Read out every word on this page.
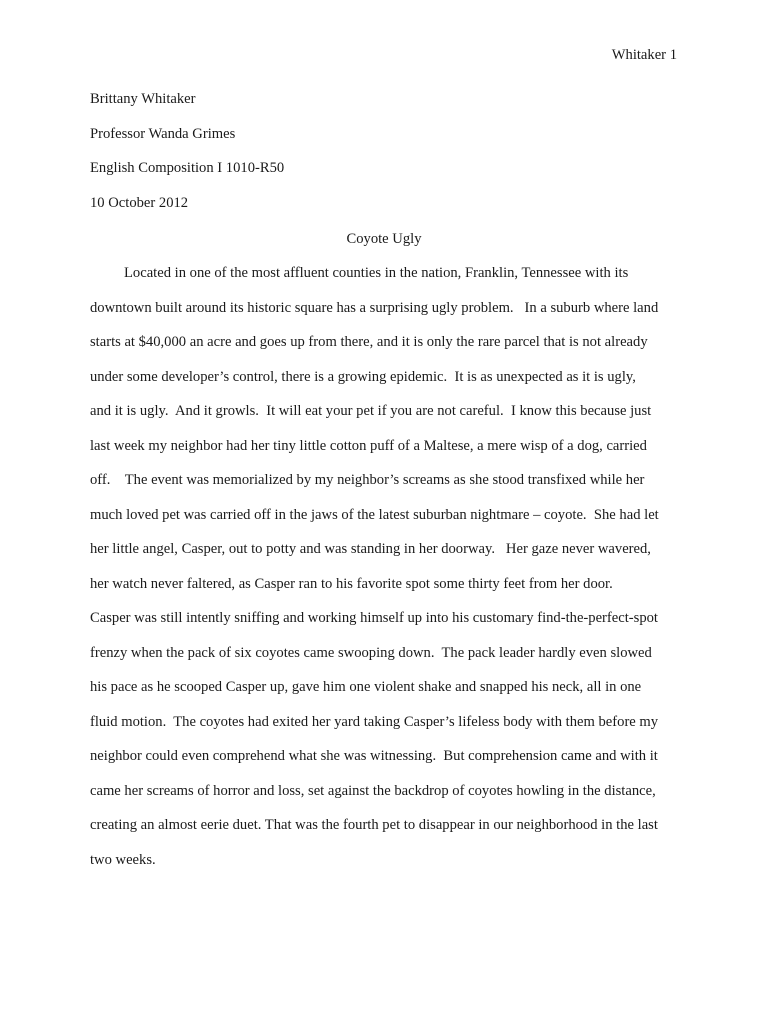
Whitaker 1
Brittany Whitaker
Professor Wanda Grimes
English Composition I 1010-R50
10 October 2012
Coyote Ugly
Located in one of the most affluent counties in the nation, Franklin, Tennessee with its
downtown built around its historic square has a surprising ugly problem.   In a suburb where land
starts at $40,000 an acre and goes up from there, and it is only the rare parcel that is not already
under some developer’s control, there is a growing epidemic.  It is as unexpected as it is ugly,
and it is ugly.  And it growls.  It will eat your pet if you are not careful.  I know this because just
last week my neighbor had her tiny little cotton puff of a Maltese, a mere wisp of a dog, carried
off.    The event was memorialized by my neighbor’s screams as she stood transfixed while her
much loved pet was carried off in the jaws of the latest suburban nightmare – coyote.  She had let
her little angel, Casper, out to potty and was standing in her doorway.   Her gaze never wavered,
her watch never faltered, as Casper ran to his favorite spot some thirty feet from her door.
Casper was still intently sniffing and working himself up into his customary find-the-perfect-spot
frenzy when the pack of six coyotes came swooping down.  The pack leader hardly even slowed
his pace as he scooped Casper up, gave him one violent shake and snapped his neck, all in one
fluid motion.  The coyotes had exited her yard taking Casper’s lifeless body with them before my
neighbor could even comprehend what she was witnessing.  But comprehension came and with it
came her screams of horror and loss, set against the backdrop of coyotes howling in the distance,
creating an almost eerie duet. That was the fourth pet to disappear in our neighborhood in the last
two weeks.
